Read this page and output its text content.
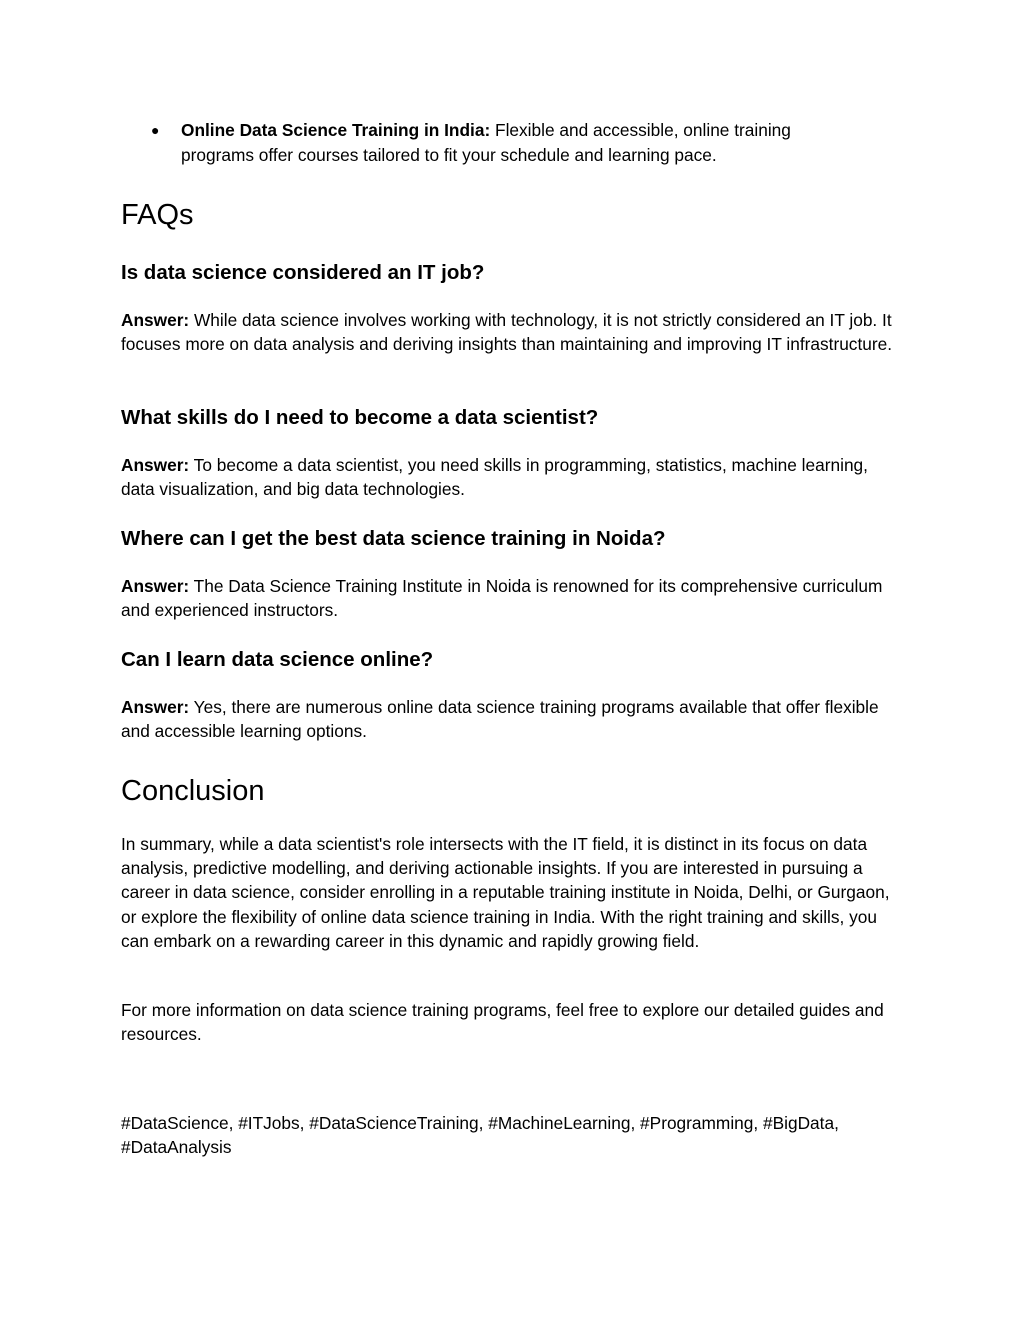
● Online Data Science Training in India: Flexible and accessible, online training programs offer courses tailored to fit your schedule and learning pace.
FAQs
Is data science considered an IT job?

Answer: While data science involves working with technology, it is not strictly considered an IT job. It focuses more on data analysis and deriving insights than maintaining and improving IT infrastructure.

What skills do I need to become a data scientist?

Answer: To become a data scientist, you need skills in programming, statistics, machine learning, data visualization, and big data technologies.

Where can I get the best data science training in Noida?

Answer: The Data Science Training Institute in Noida is renowned for its comprehensive curriculum and experienced instructors.

Can I learn data science online?

Answer: Yes, there are numerous online data science training programs available that offer flexible and accessible learning options.

Conclusion

In summary, while a data scientist's role intersects with the IT field, it is distinct in its focus on data analysis, predictive modelling, and deriving actionable insights. If you are interested in pursuing a career in data science, consider enrolling in a reputable training institute in Noida, Delhi, or Gurgaon, or explore the flexibility of online data science training in India. With the right training and skills, you can embark on a rewarding career in this dynamic and rapidly growing field.

For more information on data science training programs, feel free to explore our detailed guides and resources.

#DataScience, #ITJobs, #DataScienceTraining, #MachineLearning, #Programming, #BigData, #DataAnalysis
